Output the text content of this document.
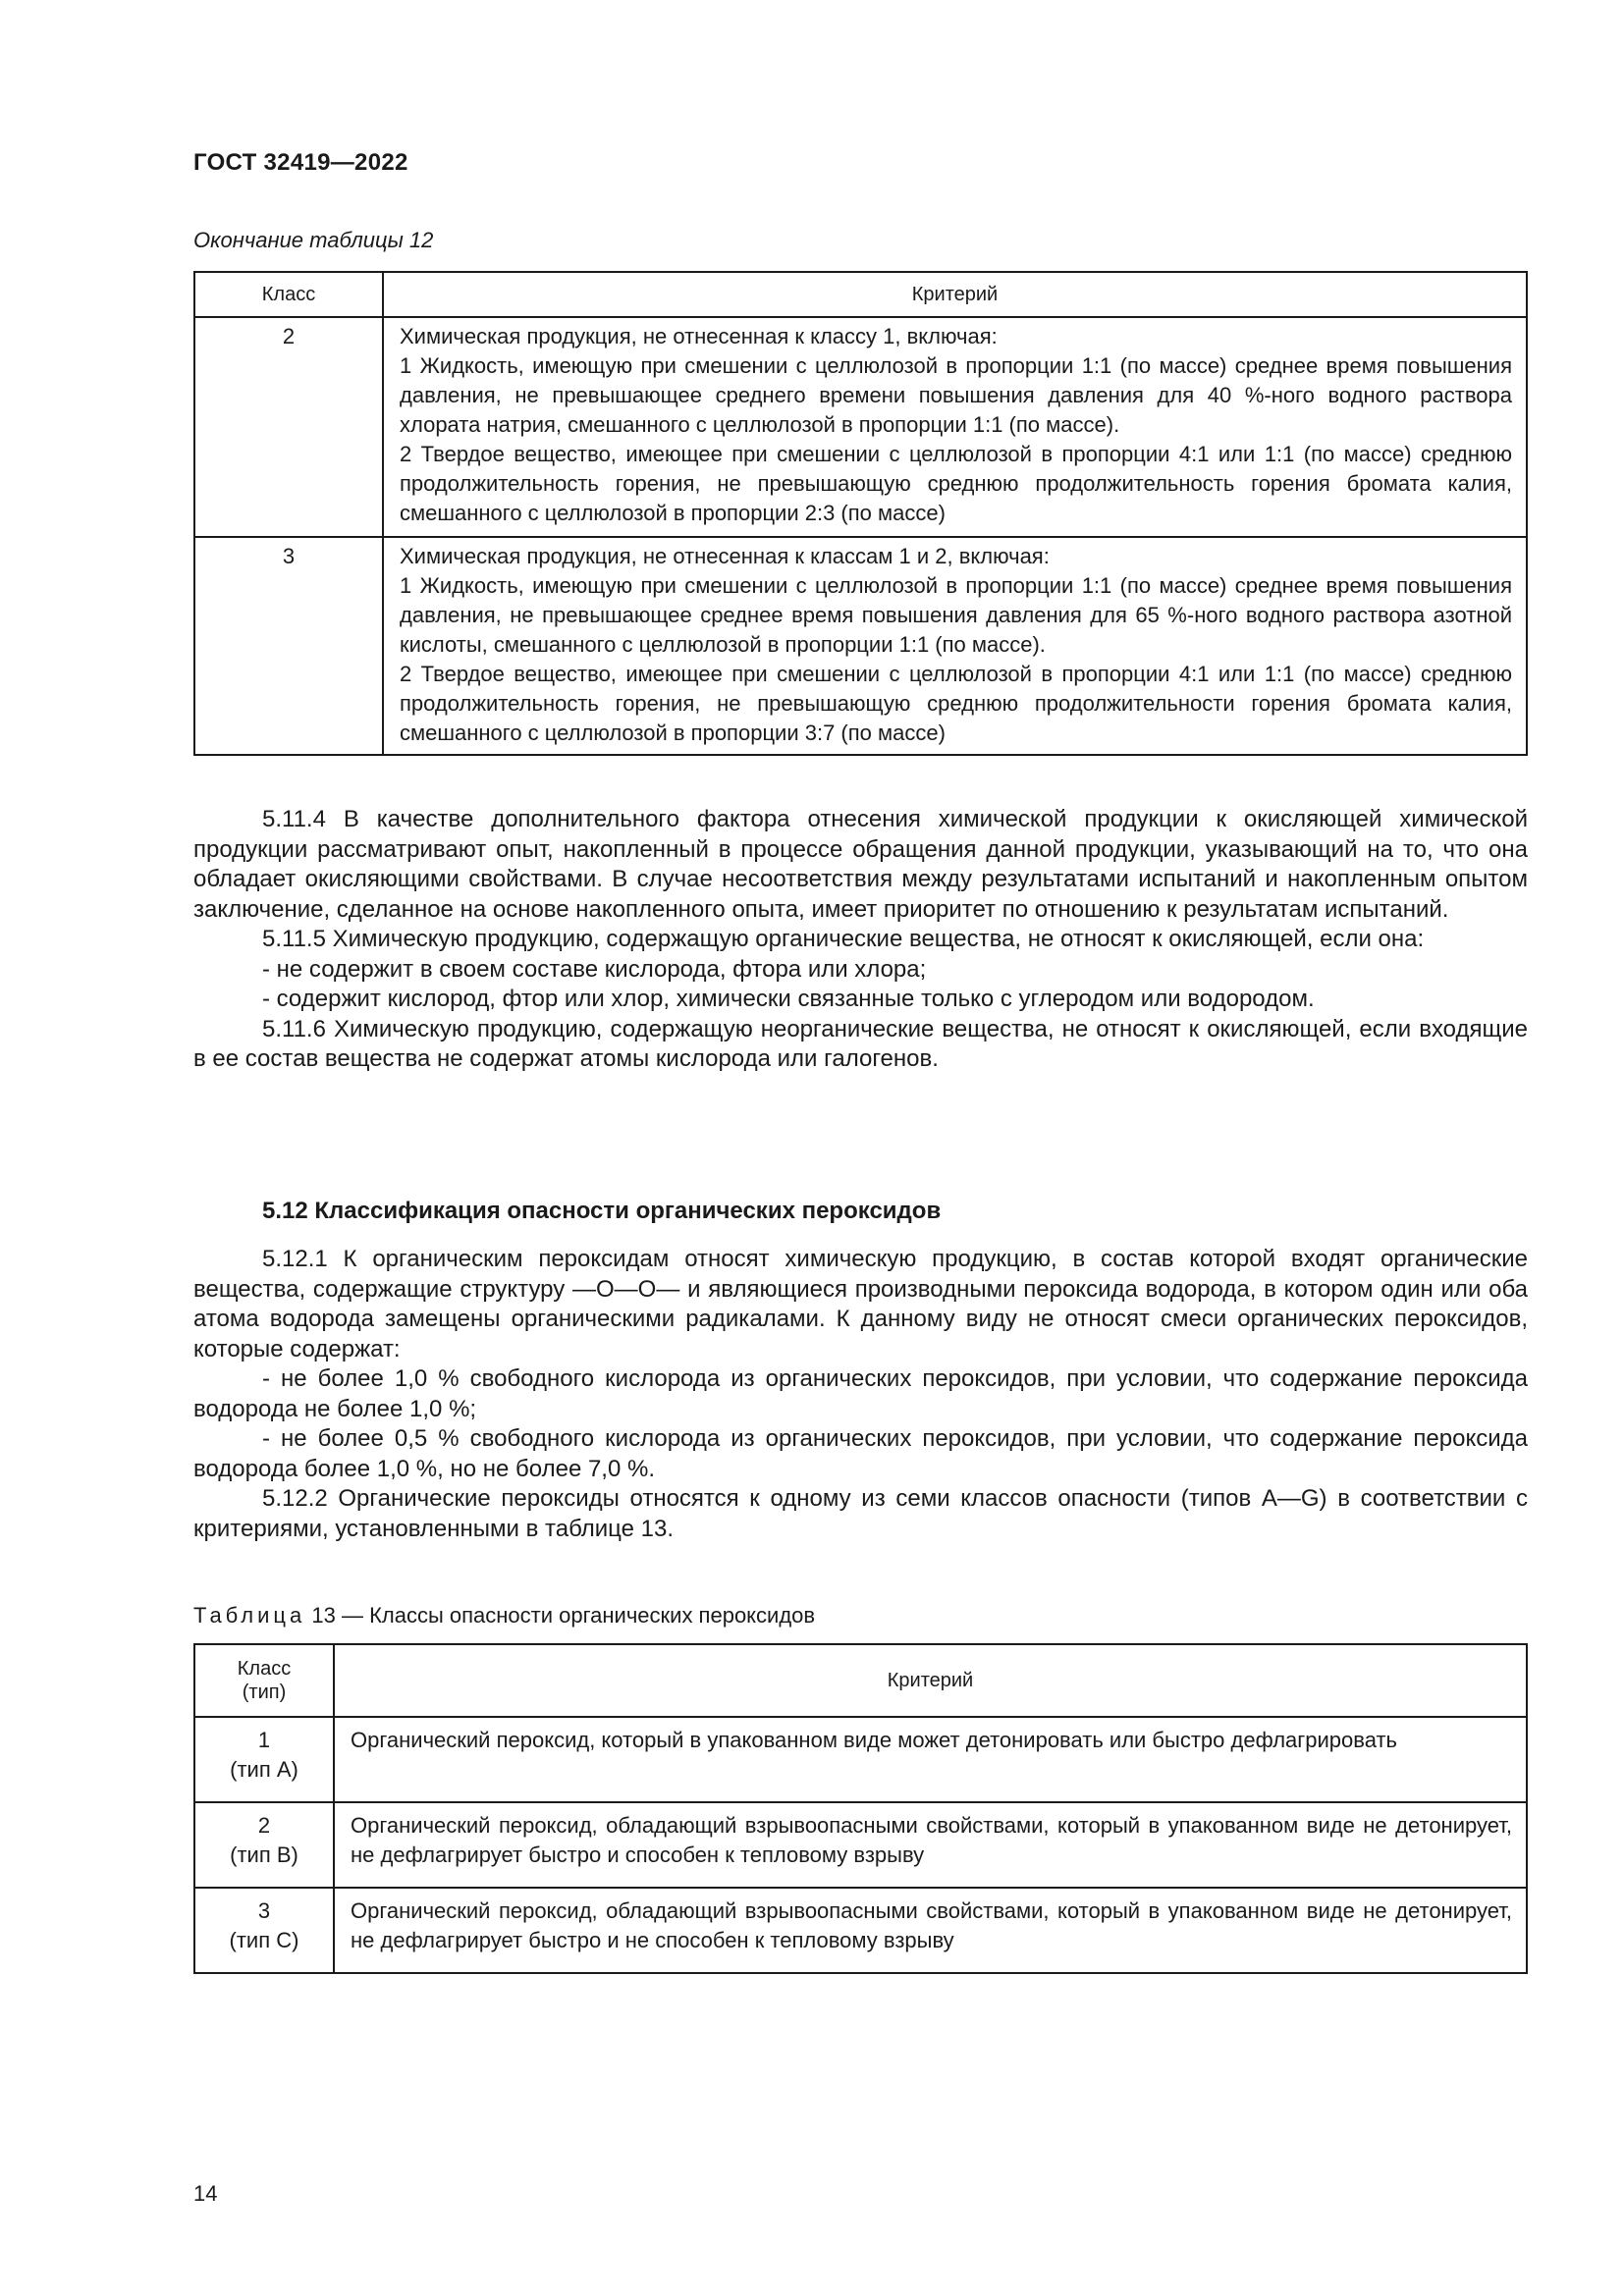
ГОСТ 32419—2022
Окончание таблицы 12
Класс	Критерий
2	Химическая продукция, не отнесенная к классу 1, включая:
1 Жидкость, имеющую при смешении с целлюлозой в пропорции 1:1 (по массе) среднее время повышения давления, не превышающее среднего времени повышения давления для 40 %-ного водного раствора хлората натрия, смешанного с целлюлозой в пропорции 1:1 (по массе).
2 Твердое вещество, имеющее при смешении с целлюлозой в пропорции 4:1 или 1:1 (по массе) среднюю продолжительность горения, не превышающую среднюю продолжительность горения бромата калия, смешанного с целлюлозой в пропорции 2:3 (по массе)

3	Химическая продукция, не отнесенная к классам 1 и 2, включая:
1 Жидкость, имеющую при смешении с целлюлозой в пропорции 1:1 (по массе) среднее время повышения давления, не превышающее среднее время повышения давления для 65 %-ного водного раствора азотной кислоты, смешанного с целлюлозой в пропорции 1:1 (по массе).
2 Твердое вещество, имеющее при смешении с целлюлозой в пропорции 4:1 или 1:1 (по массе) среднюю продолжительность горения, не превышающую среднюю продолжительности горения бромата калия, смешанного с целлюлозой в пропорции 3:7 (по массе)

5.11.4 В качестве дополнительного фактора отнесения химической продукции к окисляющей химической продукции рассматривают опыт, накопленный в процессе обращения данной продукции, указывающий на то, что она обладает окисляющими свойствами. В случае несоответствия между результатами испытаний и накопленным опытом заключение, сделанное на основе накопленного опыта, имеет приоритет по отношению к результатам испытаний.

5.11.5 Химическую продукцию, содержащую органические вещества, не относят к окисляющей, если она:

- не содержит в своем составе кислорода, фтора или хлора;

- содержит кислород, фтор или хлор, химически связанные только с углеродом или водородом.

5.11.6 Химическую продукцию, содержащую неорганические вещества, не относят к окисляющей, если входящие в ее состав вещества не содержат атомы кислорода или галогенов.

5.12 Классификация опасности органических пероксидов

5.12.1 К органическим пероксидам относят химическую продукцию, в состав которой входят органические вещества, содержащие структуру —О—О— и являющиеся производными пероксида водорода, в котором один или оба атома водорода замещены органическими радикалами. К данному виду не относят смеси органических пероксидов, которые содержат:

- не более 1,0 % свободного кислорода из органических пероксидов, при условии, что содержание пероксида водорода не более 1,0 %;

- не более 0,5 % свободного кислорода из органических пероксидов, при условии, что содержание пероксида водорода более 1,0 %, но не более 7,0 %.

5.12.2 Органические пероксиды относятся к одному из семи классов опасности (типов А—G) в соответствии с критериями, установленными в таблице 13.

Таблица 13 — Классы опасности органических пероксидов
Класс
(тип)	Критерий

1
(тип А)	Органический пероксид, который в упакованном виде может детонировать или быстро дефлагрировать

2
(тип В)	Органический пероксид, обладающий взрывоопасными свойствами, который в упакованном виде не детонирует, не дефлагрирует быстро и способен к тепловому взрыву

3
(тип С)	Органический пероксид, обладающий взрывоопасными свойствами, который в упакованном виде не детонирует, не дефлагрирует быстро и не способен к тепловому взрыву
14
